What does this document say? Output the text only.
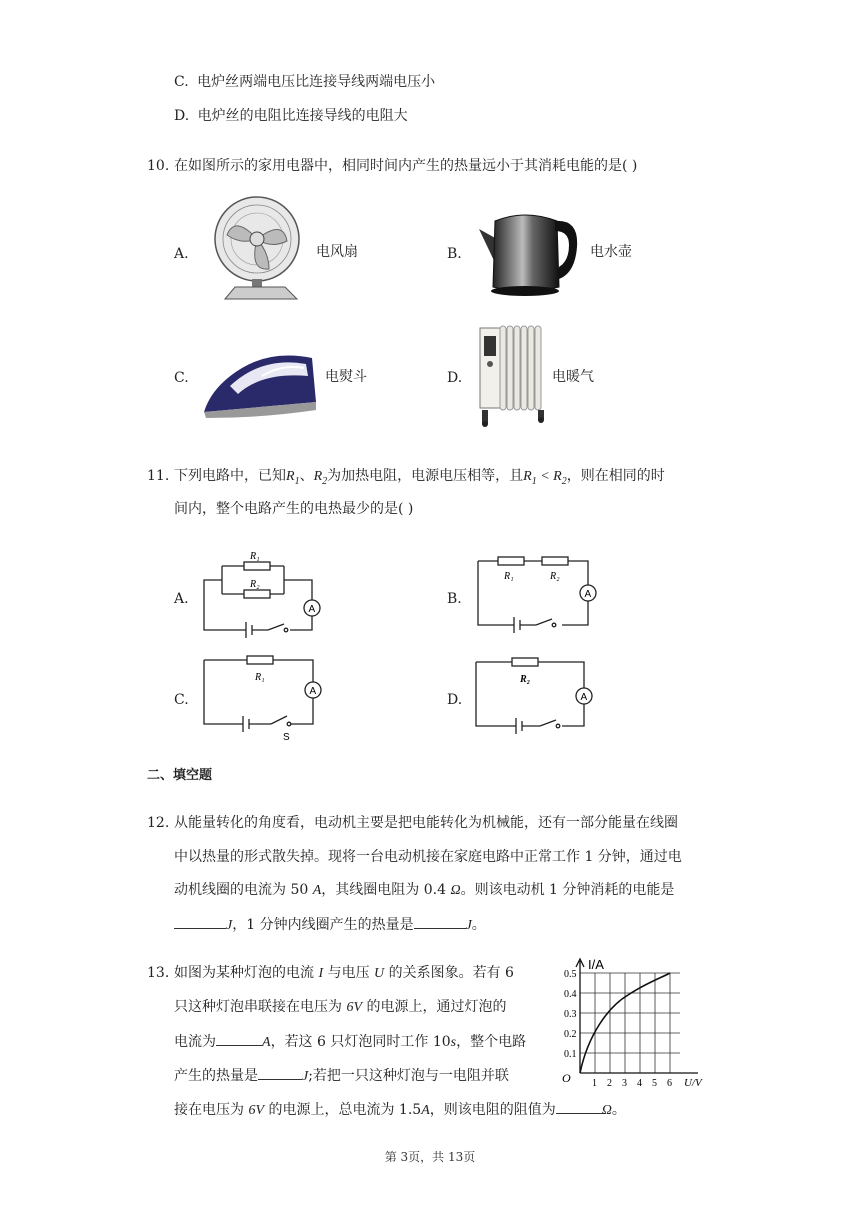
C. 电炉丝两端电压比连接导线两端电压小
D. 电炉丝的电阻比连接导线的电阻大
10. 在如图所示的家用电器中，相同时间内产生的热量远小于其消耗电能的是( )
A.	电风扇	B.	电水壶
C.	电熨斗	D.	电暖气
11. 下列电路中，已知$R_1$、$R_2$为加热电阻，电源电压相等，且$R_1 < R_2$，则在相同的时
间内，整个电路产生的电热最少的是( )
A.
R₁
R₂
A
B.
R₁	R₂
A
C.
R₁
A
S
D.
R₂
A
二、填空题
12. 从能量转化的角度看，电动机主要是把电能转化为机械能，还有一部分能量在线圈
中以热量的形式散失掉。现将一台电动机接在家庭电路中正常工作 1 分钟，通过电
动机线圈的电流为 50 A，其线圈电阻为 0.4 Ω。则该电动机 1 分钟消耗的电能是
J，1 分钟内线圈产生的热量是	J。
13. 如图为某种灯泡的电流 I 与电压 U 的关系图象。若有 6
只这种灯泡串联接在电压为 6V 的电源上，通过灯泡的
电流为	A，若这 6 只灯泡同时工作 10s，整个电路
产生的热量是	J;若把一只这种灯泡与一电阻并联
接在电压为 6V 的电源上，总电流为 1.5A，则该电阻的阻值为	Ω。
I/A
0.5
0.4
0.3
0.2
0.1
O 1 2 3 4 5 6 U/V
第 3页，共 13页
